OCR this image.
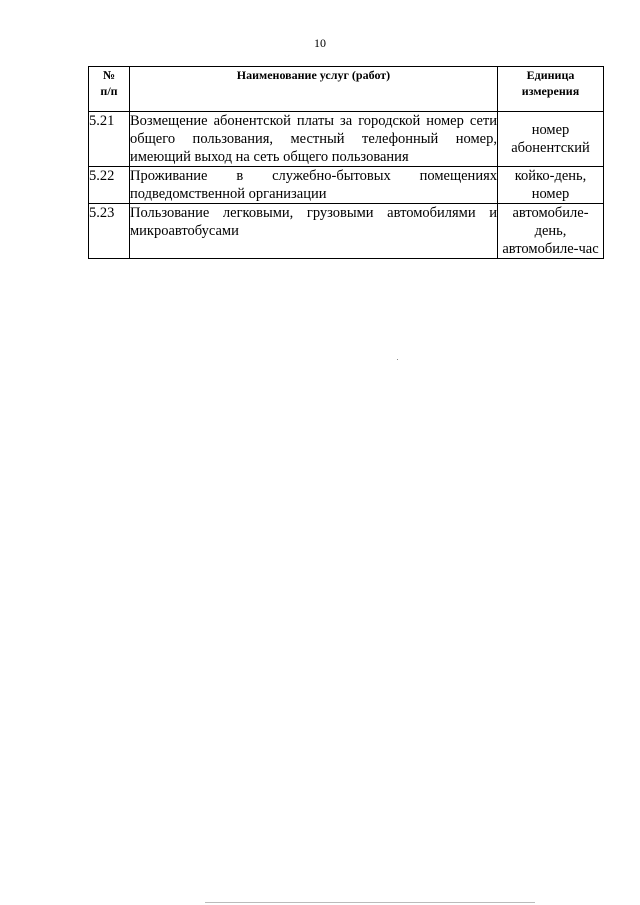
10
№
п/п	Наименование услуг (работ)	Единица
измерения
5.21	Возмещение абонентской платы за городской номер сети общего пользования, местный телефонный номер, имеющий выход на сеть общего пользования	номер
абонентский
5.22	Проживание в служебно-бытовых помещениях подведомственной организации	койко-день,
номер
5.23	Пользование легковыми, грузовыми автомобилями и микроавтобусами	автомобиле-
день,
автомобиле-час
